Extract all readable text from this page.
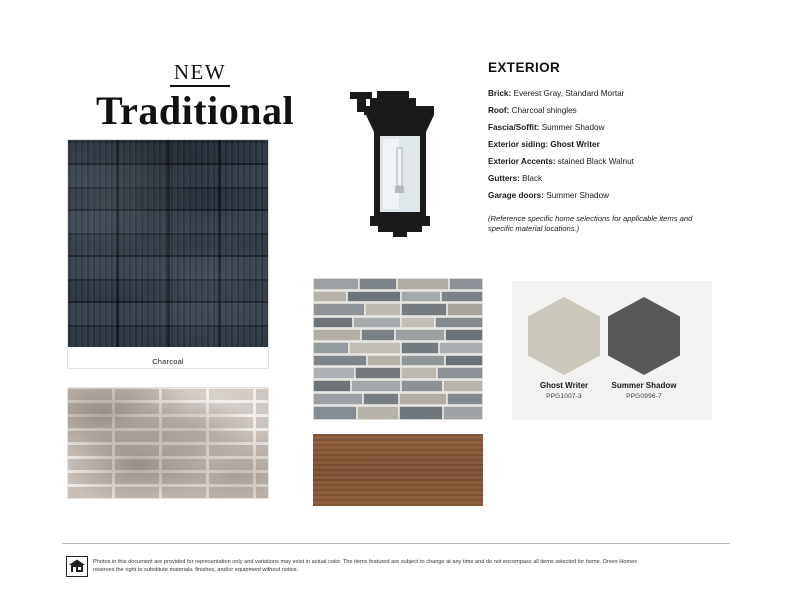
NEW
Traditional
Charcoal
EXTERIOR
Brick: Everest Gray, Standard Mortar
Roof: Charcoal shingles
Fascia/Soffit: Summer Shadow
Exterior siding: Ghost Writer
Exterior Accents: stained Black Walnut
Gutters: Black
Garage doors: Summer Shadow
(Reference specific home selections for applicable items and specific material locations.)
Ghost Writer
PPG1007-3
Summer Shadow
PPG0996-7
Photos in this document are provided for representation only and variations may exist in actual color. The items featured are subject to change at any time and do not encompass all items selected for home. Drees Homes reserves the right to substitute materials, finishes, and/or equipment without notice.
